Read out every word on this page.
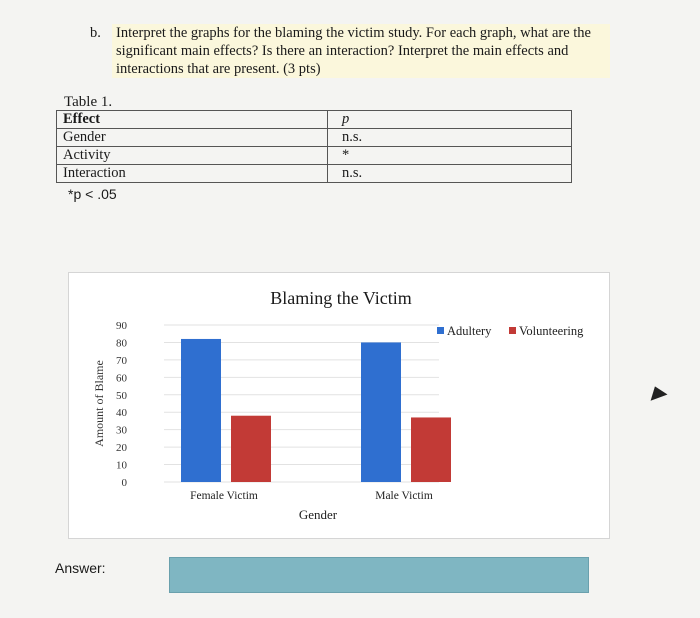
b. Interpret the graphs for the blaming the victim study. For each graph, what are the significant main effects? Is there an interaction? Interpret the main effects and interactions that are present. (3 pts)
Table 1.
Effect	p
Gender	n.s.
Activity	*
Interaction	n.s.
*p < .05
Blaming the Victim
0
10
20
30
40
50
60
70
80
90
Amount of Blame
Female Victim	Male Victim
Gender
Adultery Volunteering
Answer:
